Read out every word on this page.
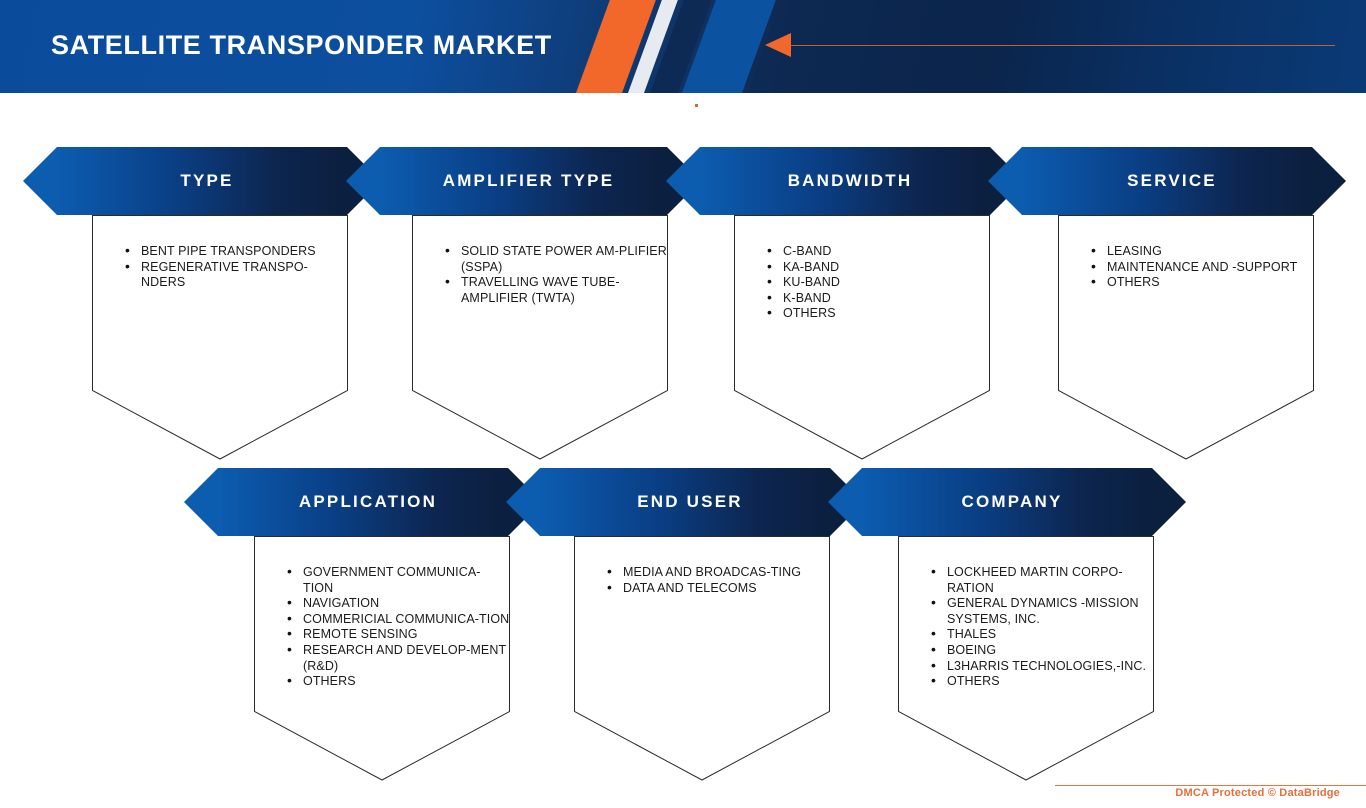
SATELLITE TRANSPONDER MARKET
TYPE	AMPLIFIER TYPE	BANDWIDTH	SERVICE
• BENT PIPE TRANSPONDERS
• REGENERATIVE TRANSPO-NDERS
• SOLID STATE POWER AM-PLIFIER (SSPA)
• TRAVELLING WAVE TUBE-AMPLIFIER (TWTA)
• C-BAND
• KA-BAND
• KU-BAND
• K-BAND
• OTHERS
• LEASING
• MAINTENANCE AND -SUPPORT
• OTHERS
APPLICATION	END USER	COMPANY
• GOVERNMENT COMMUNICA-TION
• NAVIGATION
• COMMERICIAL COMMUNICA-TION
• REMOTE SENSING
• RESEARCH AND DEVELOP-MENT (R&D)
• OTHERS
• MEDIA AND BROADCAS-TING
• DATA AND TELECOMS
• LOCKHEED MARTIN CORPO-RATION
• GENERAL DYNAMICS -MISSION SYSTEMS, INC.
• THALES
• BOEING
• L3HARRIS TECHNOLOGIES,-INC.
• OTHERS
DMCA Protected © DataBridge
